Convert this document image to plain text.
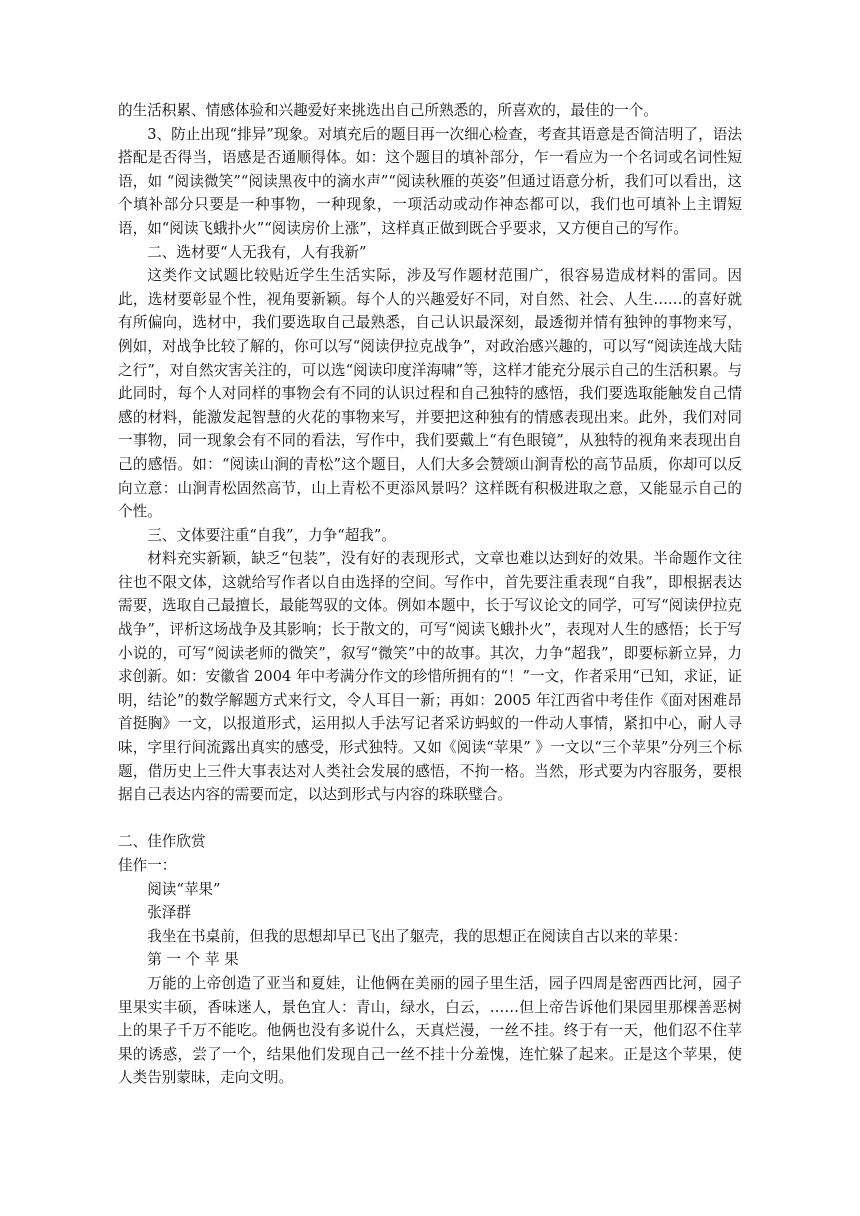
的生活积累、情感体验和兴趣爱好来挑选出自己所熟悉的，所喜欢的，最佳的一个。

3、防止出现“排异”现象。对填充后的题目再一次细心检查，考查其语意是否简洁明了，语法搭配是否得当，语感是否通顺得体。如：这个题目的填补部分，乍一看应为一个名词或名词性短语，如 “阅读微笑”“阅读黑夜中的滴水声”“阅读秋雁的英姿”但通过语意分析，我们可以看出，这个填补部分只要是一种事物，一种现象，一项活动或动作神态都可以，我们也可填补上主谓短语，如“阅读飞蛾扑火”“阅读房价上涨”，这样真正做到既合乎要求，又方便自己的写作。

二、选材要“人无我有，人有我新”

这类作文试题比较贴近学生生活实际，涉及写作题材范围广，很容易造成材料的雷同。因此，选材要彰显个性，视角要新颖。每个人的兴趣爱好不同，对自然、社会、人生……的喜好就有所偏向，选材中，我们要选取自己最熟悉，自己认识最深刻，最透彻并情有独钟的事物来写，例如，对战争比较了解的，你可以写“阅读伊拉克战争”，对政治感兴趣的，可以写“阅读连战大陆之行”，对自然灾害关注的，可以选“阅读印度洋海啸”等，这样才能充分展示自己的生活积累。与此同时，每个人对同样的事物会有不同的认识过程和自己独特的感悟，我们要选取能触发自己情感的材料，能激发起智慧的火花的事物来写，并要把这种独有的情感表现出来。此外，我们对同一事物，同一现象会有不同的看法，写作中，我们要戴上“有色眼镜”，从独特的视角来表现出自己的感悟。如：“阅读山涧的青松”这个题目，人们大多会赞颂山涧青松的高节品质，你却可以反向立意：山涧青松固然高节，山上青松不更添风景吗？这样既有积极进取之意，又能显示自己的个性。

三、文体要注重“自我”，力争“超我”。

材料充实新颖，缺乏“包装”，没有好的表现形式，文章也难以达到好的效果。半命题作文往往也不限文体，这就给写作者以自由选择的空间。写作中，首先要注重表现“自我”，即根据表达需要，选取自己最擅长，最能驾驭的文体。例如本题中，长于写议论文的同学，可写“阅读伊拉克战争”，评析这场战争及其影响；长于散文的，可写“阅读飞蛾扑火”，表现对人生的感悟；长于写小说的，可写“阅读老师的微笑”，叙写“微笑”中的故事。其次，力争“超我”，即要标新立异，力求创新。如：安徽省 2004 年中考满分作文的珍惜所拥有的“！”一文，作者采用“已知，求证，证明，结论”的数学解题方式来行文，令人耳目一新；再如：2005 年江西省中考佳作《面对困难昂首挺胸》一文，以报道形式，运用拟人手法写记者采访蚂蚁的一件动人事情，紧扣中心，耐人寻味，字里行间流露出真实的感受，形式独特。又如《阅读“苹果” 》一文以“三个苹果”分列三个标题，借历史上三件大事表达对人类社会发展的感悟，不拘一格。当然，形式要为内容服务，要根据自己表达内容的需要而定，以达到形式与内容的珠联璧合。

二、佳作欣赏

佳作一：

阅读“苹果”

张泽群

我坐在书桌前，但我的思想却早已飞出了躯壳，我的思想正在阅读自古以来的苹果：

第 一 个 苹 果

万能的上帝创造了亚当和夏娃，让他俩在美丽的园子里生活，园子四周是密西西比河，园子里果实丰硕，香味迷人，景色宜人：青山，绿水，白云，……但上帝告诉他们果园里那棵善恶树上的果子千万不能吃。他俩也没有多说什么，天真烂漫，一丝不挂。终于有一天，他们忍不住苹果的诱惑，尝了一个，结果他们发现自己一丝不挂十分羞愧，连忙躲了起来。正是这个苹果，使人类告别蒙昧，走向文明。
